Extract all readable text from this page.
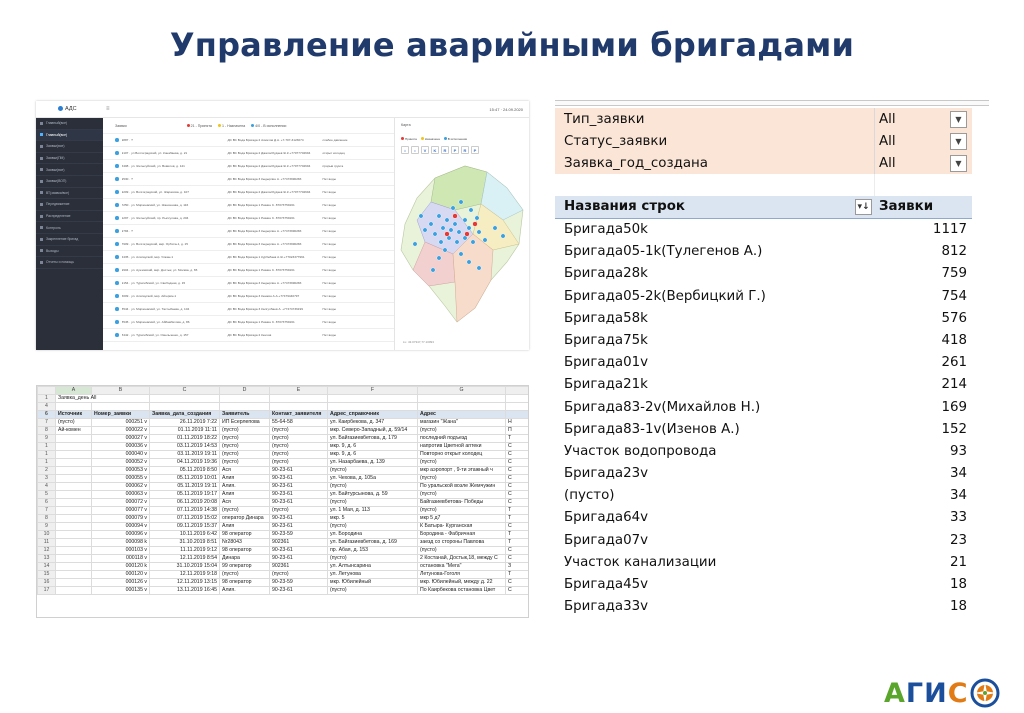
Управление аварийными бригадами
АДС	≡	15:47 · 24.09.2020
Главный(все)
Главный(все)
Заявки(все)
Заявки(ПМ)
Заявки(все)
Заявки(ВОП)
ВТ(заявки/все)
Передвижение
Распределение
Контроль
Закрепление бригад
Выходы
Отчеты и помощь
Заявки	21 - Принята	1 - Назначена	4/0 - В исполнении
9887 · ?	ДС ВС Вода Бригада 2 Ахметов Д.А. +7-707-3123074	слабое давление
9107 · ул Волгоградский, ул. Конабаева, д. 21	ДС ВС Вода Бригада 2 Джалилбудаев Ж.К.+77077704694	открыт колодец
6408 · ул. Жетысуйский, ул. Вовилов, д. 141	ДС ВС Вода Бригада 2 Джалилбудаев Ж.К.+77077704694	прорыв грунта
9530 · ?	ДС ВС Вода Бригада 3 Кыдырлин А. +77473990283	Нет воды
9209 · ул. Волгоградский, ул. Жарасова, д. 107	ДС ВС Вода Бригада 2 Джалилбудаев Ж.К.+77077704694	Нет воды
7250 · ул. Мирзоевский, ул. Жансенова, д. 116	ДС ВС Вода Бригада 1 Рюмин С. 87073759161	Нет воды
1297 · ул. Жетысуйский, пр. Рысхулова, д. 204	ДС ВС Вода Бригада 1 Рюмин С. 87073759161	Нет воды
9784 · ?	ДС ВС Вода Бригада 3 Кыдырлин А. +77473990283	Нет воды
7909 · ул. Волгоградский, мкр. Орбита-1, д. 15	ДС ВС Вода Бригада 3 Кыдырлин А. +77473990283	Нет воды
4435 · ул. Алатауский, мкр. Улжан-1	ДС ВС Вода Бригада 1 Курбебаев А.Ж.+77023377961	Нет воды
9904 · ул. Ауэзовский, мкр. Достык, ул. Москва, д. 65	ДС ВС Вода Бригада 1 Рюмин С. 87073759161	Нет воды
9154 · ул. Турксибский, ул. Свободная, д. 15	ДС ВС Вода Бригада 3 Кыдырлин А. +77473990283	Нет воды
5009 · ул. Алатауский, мкр. Айгерим-1	ДС ВС Вода Бригада 3 Кенжин А.А.+77479440797	Нет воды
8544 · ул. Мирзоевский, ул. Тастыбаева, д. 104	ДС ВС Вода Бригада 3 Калгулбаев А. +77474736199	Нет воды
8545 · ул. Мирзоевский, ул. Айбамбетова, д. 86	ДС ВС Вода Бригада 1 Рюмин С. 87073759161	Нет воды
8442 · ул. Турксибский, ул. Омельченко, д. 157	ДС ВС Вода Бригада 2 Кенчов	Нет воды
Карта
Принята	Назначена	В исполнении
⌂	•	V	K	R	P	R	P
LL: 43.07347,77.10093
	A	B	C	D	E	F	G	
1	Заявка_день All							
4								
6	Источник	Номер_заявки	Заявка_дата_создания	Заявитель	Контакт_заявителя	Адрес_справочник	Адрес	
7	(пусто)	000251 v	26.11.2019 7:22	ИП Есерлепова	55-64-58	ул. Каирбекова, д. 347	магазин "Жана"	Н
8	Ай-комен	000022 v	01.11.2019 11:11	(пусто)	(пусто)	мкр. Северо-Западный, д. 59/14	(пусто)	П
9		000027 v	01.11.2019 18:22	(пусто)	(пусто)	ул. Байгазиевбетова, д. 179	последний подъезд	Т
1		000036 v	03.11.2019 14:53	(пусто)	(пусто)	мкр. 9, д. 6	напротив Цветной аптеки	С
1		000040 v	03.11.2019 19:11	(пусто)	(пусто)	мкр. 9, д. 6	Повторно открыт колодец	С
1		000052 v	04.11.2019 19:36	(пусто)	(пусто)	ул. Назарбаева, д. 139	(пусто)	С
2		000053 v	05.11.2019 8:50	Ася	90-23-61	(пусто)	мкр аэропорт , 9-ти этажный ч	С
3		000055 v	05.11.2019 10:01	Алия	90-23-61	ул. Чехова, д. 105а	(пусто)	С
4		000062 v	05.11.2019 19:11	Алия.	90-23-61	(пусто)	По уральской возле Жемчужин	С
5		000063 v	05.11.2019 19:17	Алия	90-23-61	ул. Байтурсынова, д. 59	(пусто)	С
6		000072 v	06.11.2019 20:08	Ася	90-23-61	(пусто)	Байгазиевбетова- Победы	С
7		000077 v	07.11.2019 14:38	(пусто)	(пусто)	ул. 1 Мая, д. 113	(пусто)	Т
8		000079 v	07.11.2019 15:02	оператор Динара	90-23-61	мкр. 5	мкр 5 д7	Т
9		000094 v	09.11.2019 15:37	Алия	90-23-61	(пусто)	К Батыра- Курганская	С
10		000096 v	10.11.2019 6:42	98 оператор	90-23-59	ул. Бородина	Бородина - Фабричная	Т
11		000098 k	31.10.2019 8:51	Nr28043	902361	ул. Байгазиевбетова, д. 169	заезд со стороны Павлова	Т
12		000103 v	11.11.2019 9:12	98 оператор	90-23-61	пр. Абая, д. 153	(пусто)	С
13		000118 v	12.11.2019 8:54	Динара	90-23-61	(пусто)	2 Костанай, Достык,18, между С	С
14		000120 k	31.10.2019 15:04	99 оператор	902361	ул. Алтынсарина	остановка "Мега"	З
15		000120 v	12.11.2019 9:18	(пусто)	(пусто)	ул. Летунова	Летунова-Гоголя	Т
16		000126 v	12.11.2019 13:15	98 оператор	90-23-59	мкр. Юбилейный	мкр. Юбилейный, между д. 22	С
17		000135 v	13.11.2019 16:45	Алия.	90-23-61	(пусто)	По Каирбекова остановка Цвет	С
Тип_заявки	All	▼
Статус_заявки	All	▼
Заявка_год_создана	All	▼
Названия строк	▾↓ Заявки
Бригада50k	1117
Бригада05-1k(Тулегенов А.)	812
Бригада28k	759
Бригада05-2k(Вербицкий Г.)	754
Бригада58k	576
Бригада75k	418
Бригада01v	261
Бригада21k	214
Бригада83-2v(Михайлов Н.)	169
Бригада83-1v(Изенов А.)	152
Участок водопровода	93
Бригада23v	34
(пусто)	34
Бригада64v	33
Бригада07v	23
Участок канализации	21
Бригада45v	18
Бригада33v	18
АГИС
